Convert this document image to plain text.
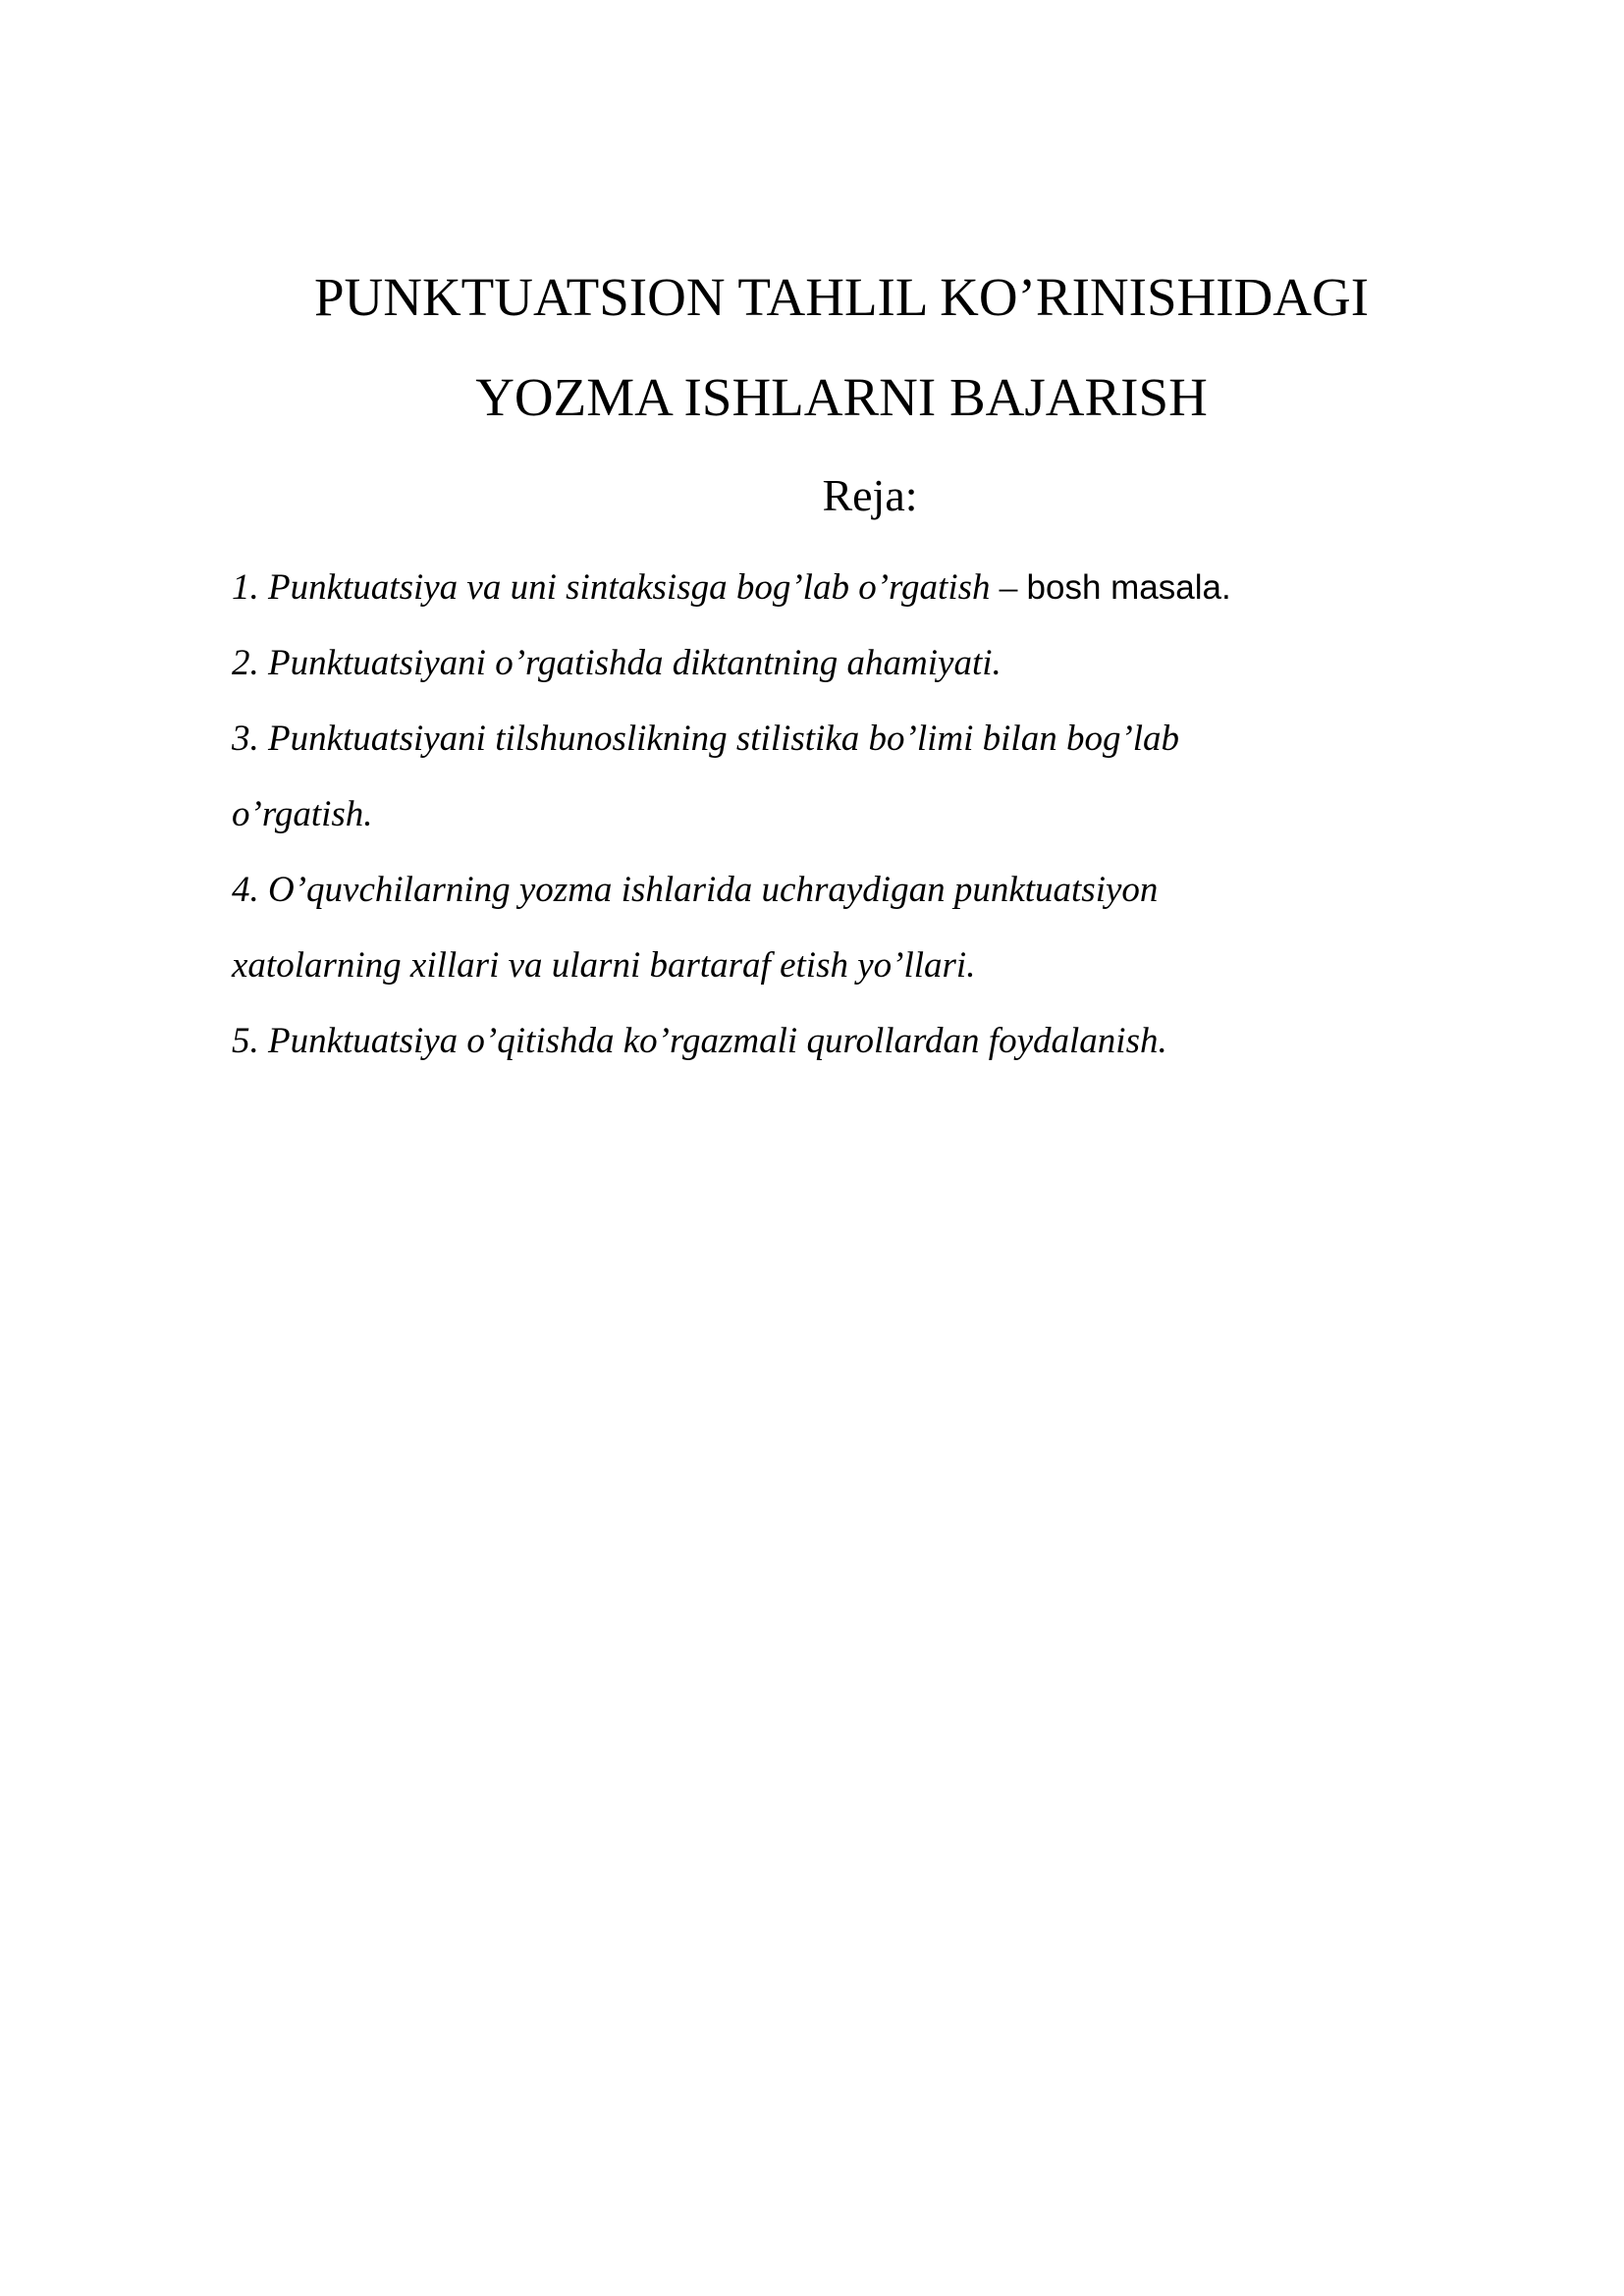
PUNKTUATSION TAHLIL KO’RINISHIDAGI
YOZMA ISHLARNI BAJARISH
Reja:
1. Punktuatsiya va uni sintaksisga bog’lab o’rgatish – bosh masala.
2. Punktuatsiyani o’rgatishda diktantning ahamiyati.
3. Punktuatsiyani tilshunoslikning stilistika bo’limi bilan bog’lab
o’rgatish.
4. O’quvchilarning yozma ishlarida uchraydigan punktuatsiyon
xatolarning xillari va ularni bartaraf etish yo’llari.
5. Punktuatsiya o’qitishda ko’rgazmali qurollardan foydalanish.
